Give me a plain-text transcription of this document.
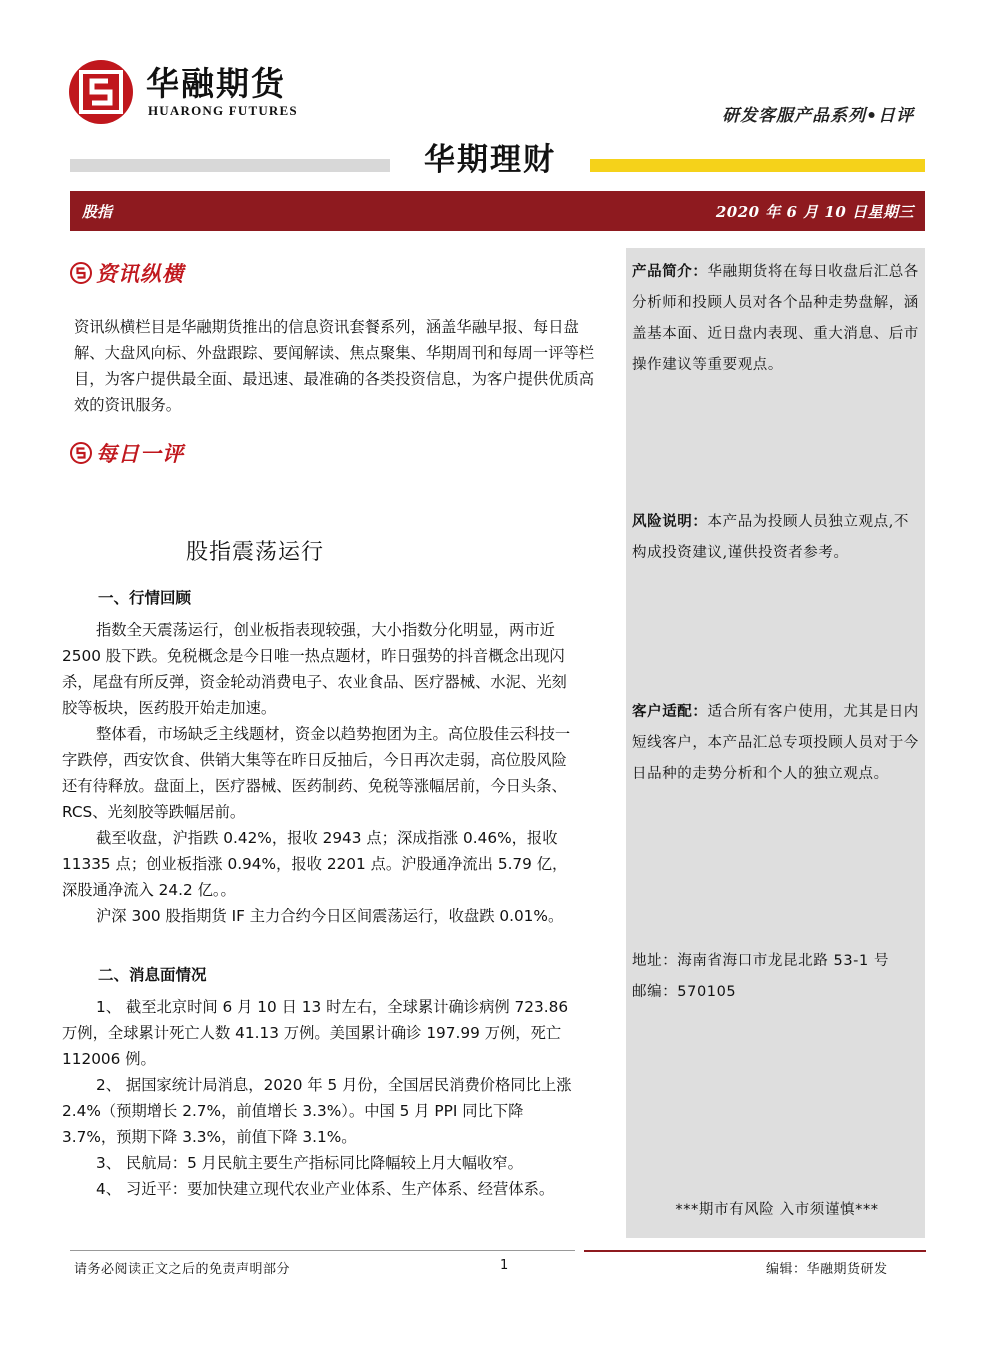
华融期货
HUARONG FUTURES	研发客服产品系列•日评
华期理财
股指	2020 年 6 月 10 日星期三
产品简介：华融期货将在每日收盘后汇总各分析师和投顾人员对各个品种走势盘解，涵盖基本面、近日盘内表现、重大消息、后市操作建议等重要观点。
风险说明：本产品为投顾人员独立观点,不构成投资建议,谨供投资者参考。
客户适配：适合所有客户使用，尤其是日内短线客户，本产品汇总专项投顾人员对于今日品种的走势分析和个人的独立观点。
地址：海南省海口市龙昆北路 53-1 号
邮编：570105
***期市有风险 入市须谨慎***
资讯纵横
资讯纵横栏目是华融期货推出的信息资讯套餐系列，涵盖华融早报、每日盘解、大盘风向标、外盘跟踪、要闻解读、焦点聚集、华期周刊和每周一评等栏目，为客户提供最全面、最迅速、最准确的各类投资信息，为客户提供优质高效的资讯服务。
每日一评
股指震荡运行
一、行情回顾
指数全天震荡运行，创业板指表现较强，大小指数分化明显，两市近 2500 股下跌。免税概念是今日唯一热点题材，昨日强势的抖音概念出现闪杀，尾盘有所反弹，资金轮动消费电子、农业食品、医疗器械、水泥、光刻胶等板块，医药股开始走加速。
整体看，市场缺乏主线题材，资金以趋势抱团为主。高位股佳云科技一字跌停，西安饮食、供销大集等在昨日反抽后，今日再次走弱，高位股风险还有待释放。盘面上，医疗器械、医药制药、免税等涨幅居前，今日头条、RCS、光刻胶等跌幅居前。
截至收盘，沪指跌 0.42%，报收 2943 点；深成指涨 0.46%，报收 11335 点；创业板指涨 0.94%，报收 2201 点。沪股通净流出 5.79 亿，深股通净流入 24.2 亿。。
沪深 300 股指期货 IF 主力合约今日区间震荡运行，收盘跌 0.01%。
二、消息面情况
1、 截至北京时间 6 月 10 日 13 时左右，全球累计确诊病例 723.86 万例，全球累计死亡人数 41.13 万例。美国累计确诊 197.99 万例，死亡 112006 例。
2、 据国家统计局消息，2020 年 5 月份，全国居民消费价格同比上涨 2.4%（预期增长 2.7%，前值增长 3.3%）。中国 5 月 PPI 同比下降 3.7%，预期下降 3.3%，前值下降 3.1%。
3、 民航局：5 月民航主要生产指标同比降幅较上月大幅收窄。
4、 习近平：要加快建立现代农业产业体系、生产体系、经营体系。
请务必阅读正文之后的免责声明部分	1	编辑：华融期货研发
